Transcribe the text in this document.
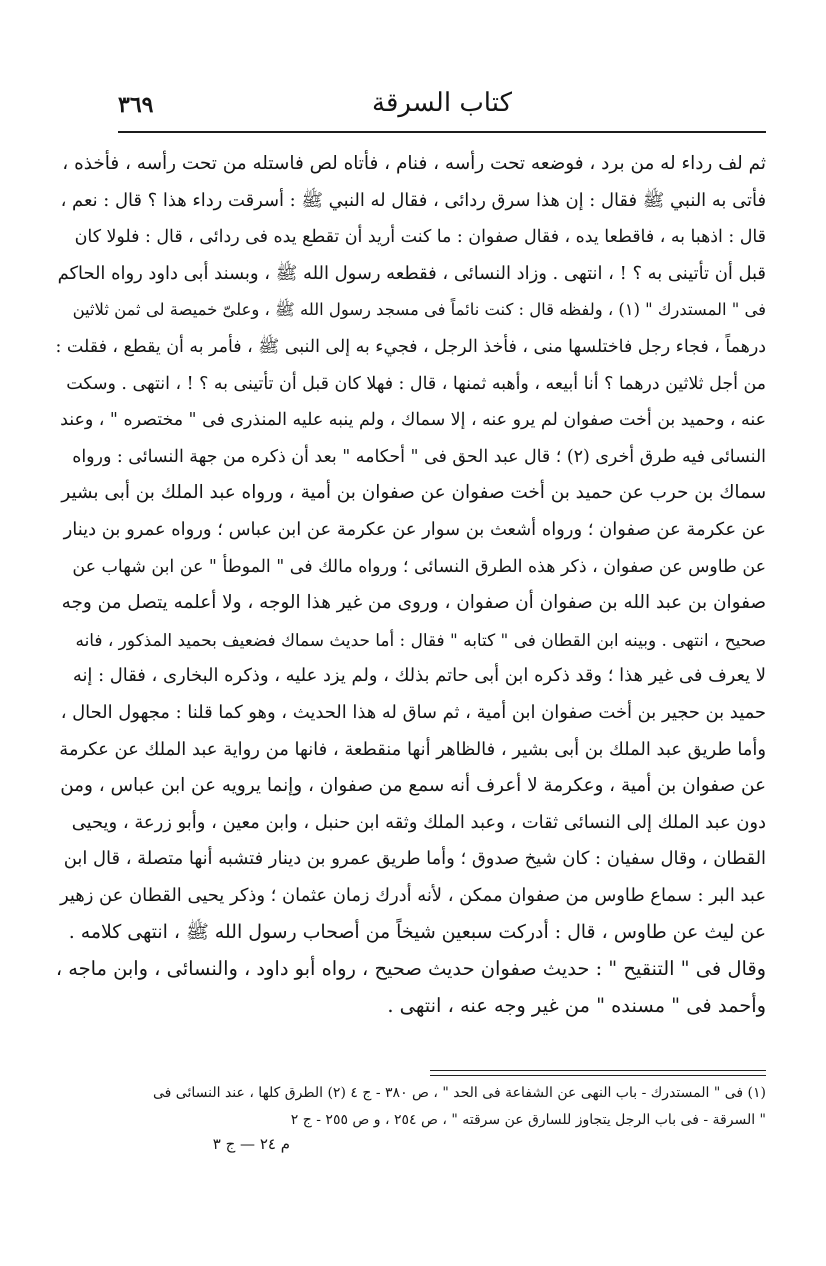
٣٦٩	كتاب السرقة
ثم لف رداء له من برد ، فوضعه تحت رأسه ، فنام ، فأتاه لص فاستله من تحت رأسه ، فأخذه ،
فأتى به النبي ﷺ فقال : إن هذا سرق ردائى ، فقال له النبي ﷺ : أسرقت رداء هذا ؟ قال : نعم ،
قال : اذهبا به ، فاقطعا يده ، فقال صفوان : ما كنت أريد أن تقطع يده فى ردائى ، قال : فلولا كان
قبل أن تأتينى به ؟ ! ، انتهى . وزاد النسائى ، فقطعه رسول الله ﷺ ، وبسند أبى داود رواه الحاكم
فى " المستدرك " (١) ، ولفظه قال : كنت نائماً فى مسجد رسول الله ﷺ ، وعلىّ خميصة لى ثمن ثلاثين
درهماً ، فجاء رجل فاختلسها منى ، فأخذ الرجل ، فجيء به إلى النبى ﷺ ، فأمر به أن يقطع ، فقلت :
من أجل ثلاثين درهما ؟ أنا أبيعه ، وأهبه ثمنها ، قال : فهلا كان قبل أن تأتينى به ؟ ! ، انتهى . وسكت
عنه ، وحميد بن أخت صفوان لم يرو عنه ، إلا سماك ، ولم ينبه عليه المنذرى فى " مختصره " ، وعند
النسائى فيه طرق أخرى (٢) ؛ قال عبد الحق فى " أحكامه " بعد أن ذكره من جهة النسائى : ورواه
سماك بن حرب عن حميد بن أخت صفوان عن صفوان بن أمية ، ورواه عبد الملك بن أبى بشير
عن عكرمة عن صفوان ؛ ورواه أشعث بن سوار عن عكرمة عن ابن عباس ؛ ورواه عمرو بن دينار
عن طاوس عن صفوان ، ذكر هذه الطرق النسائى ؛ ورواه مالك فى " الموطأ " عن ابن شهاب عن
صفوان بن عبد الله بن صفوان أن صفوان ، وروى من غير هذا الوجه ، ولا أعلمه يتصل من وجه
صحيح ، انتهى . وبينه ابن القطان فى " كتابه " فقال : أما حديث سماك فضعيف بحميد المذكور ، فانه
لا يعرف فى غير هذا ؛ وقد ذكره ابن أبى حاتم بذلك ، ولم يزد عليه ، وذكره البخارى ، فقال : إنه
حميد بن حجير بن أخت صفوان ابن أمية ، ثم ساق له هذا الحديث ، وهو كما قلنا : مجهول الحال ،
وأما طريق عبد الملك بن أبى بشير ، فالظاهر أنها منقطعة ، فانها من رواية عبد الملك عن عكرمة
عن صفوان بن أمية ، وعكرمة لا أعرف أنه سمع من صفوان ، وإنما يرويه عن ابن عباس ، ومن
دون عبد الملك إلى النسائى ثقات ، وعبد الملك وثقه ابن حنبل ، وابن معين ، وأبو زرعة ، ويحيى
القطان ، وقال سفيان : كان شيخ صدوق ؛ وأما طريق عمرو بن دينار فتشبه أنها متصلة ، قال ابن
عبد البر : سماع طاوس من صفوان ممكن ، لأنه أدرك زمان عثمان ؛ وذكر يحيى القطان عن زهير
عن ليث عن طاوس ، قال : أدركت سبعين شيخاً من أصحاب رسول الله ﷺ ، انتهى كلامه .
وقال فى " التنقيح " : حديث صفوان حديث صحيح ، رواه أبو داود ، والنسائى ، وابن ماجه ،
وأحمد فى " مسنده " من غير وجه عنه ، انتهى .
(١) فى " المستدرك - باب النهى عن الشفاعة فى الحد " ، ص ٣٨٠ - ج ٤ (٢) الطرق كلها ، عند النسائى فى
" السرقة - فى باب الرجل يتجاوز للسارق عن سرقته " ، ص ٢٥٤ ، و ص ٢٥٥ - ج ٢
م ٢٤ — ج ٣
